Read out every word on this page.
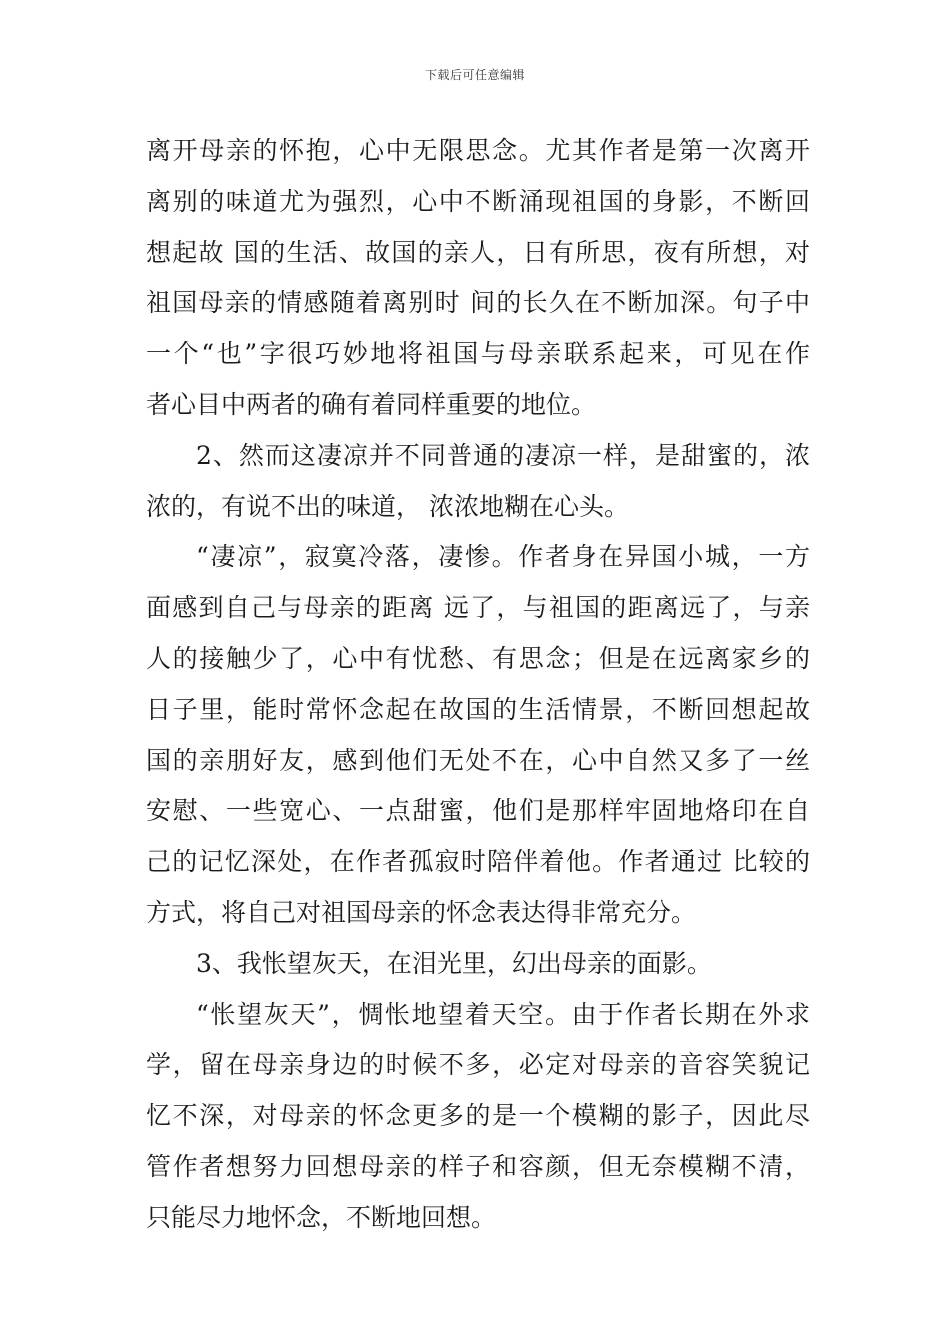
下载后可任意编辑
离开母亲的怀抱，心中无限思念。尤其作者是第一次离开
离别的味道尤为强烈，心中不断涌现祖国的身影，不断回
想起故 国的生活、故国的亲人，日有所思，夜有所想，对
祖国母亲的情感随着离别时 间的长久在不断加深。句子中
一个“也”字很巧妙地将祖国与母亲联系起来，可见在作
者心目中两者的确有着同样重要的地位。
2、然而这凄凉并不同普通的凄凉一样，是甜蜜的，浓
浓的，有说不出的味道， 浓浓地糊在心头。
“凄凉”，寂寞冷落，凄惨。作者身在异国小城，一方
面感到自己与母亲的距离 远了，与祖国的距离远了，与亲
人的接触少了，心中有忧愁、有思念；但是在远离家乡的
日子里，能时常怀念起在故国的生活情景，不断回想起故
国的亲朋好友，感到他们无处不在，心中自然又多了一丝
安慰、一些宽心、一点甜蜜，他们是那样牢固地烙印在自
己的记忆深处，在作者孤寂时陪伴着他。作者通过 比较的
方式，将自己对祖国母亲的怀念表达得非常充分。
3、我怅望灰天，在泪光里，幻出母亲的面影。
“怅望灰天”，惆怅地望着天空。由于作者长期在外求
学，留在母亲身边的时候不多，必定对母亲的音容笑貌记
忆不深，对母亲的怀念更多的是一个模糊的影子，因此尽
管作者想努力回想母亲的样子和容颜，但无奈模糊不清，
只能尽力地怀念，不断地回想。
